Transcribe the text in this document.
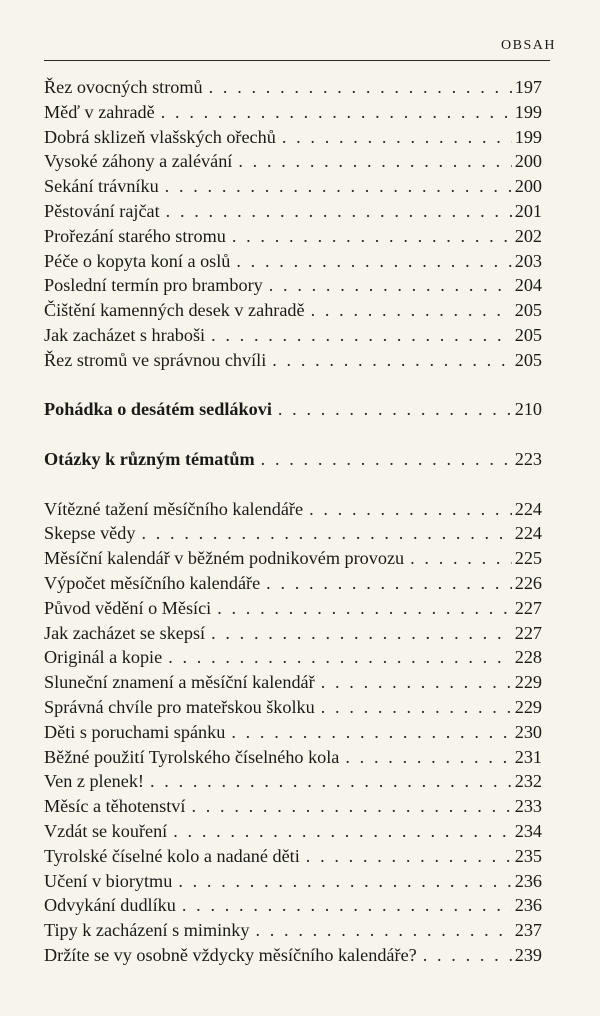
OBSAH
Řez ovocných stromů . . .	197
Měď v zahradě . . .	199
Dobrá sklizeň vlašských ořechů . . .	199
Vysoké záhony a zalévání . . .	200
Sekání trávníku . . .	200
Pěstování rajčat . . .	201
Prořezání starého stromu . . .	202
Péče o kopyta koní a oslů . . .	203
Poslední termín pro brambory . . .	204
Čištění kamenných desek v zahradě . . .	205
Jak zacházet s hraboši . . .	205
Řez stromů ve správnou chvíli . . .	205
Pohádka o desátém sedlákovi . . .	210
Otázky k různým tématům . . .	223
Vítězné tažení měsíčního kalendáře . . .	224
Skepse vědy . . .	224
Měsíční kalendář v běžném podnikovém provozu . . .	225
Výpočet měsíčního kalendáře . . .	226
Původ vědění o Měsíci . . .	227
Jak zacházet se skepsí . . .	227
Originál a kopie . . .	228
Sluneční znamení a měsíční kalendář . . .	229
Správná chvíle pro mateřskou školku . . .	229
Děti s poruchami spánku . . .	230
Běžné použití Tyrolského číselného kola . . .	231
Ven z plenek! . . .	232
Měsíc a těhotenství . . .	233
Vzdát se kouření . . .	234
Tyrolské číselné kolo a nadané děti . . .	235
Učení v biorytmu . . .	236
Odvykání dudlíku . . .	236
Tipy k zacházení s miminky . . .	237
Držíte se vy osobně vždycky měsíčního kalendáře? . . .	239
